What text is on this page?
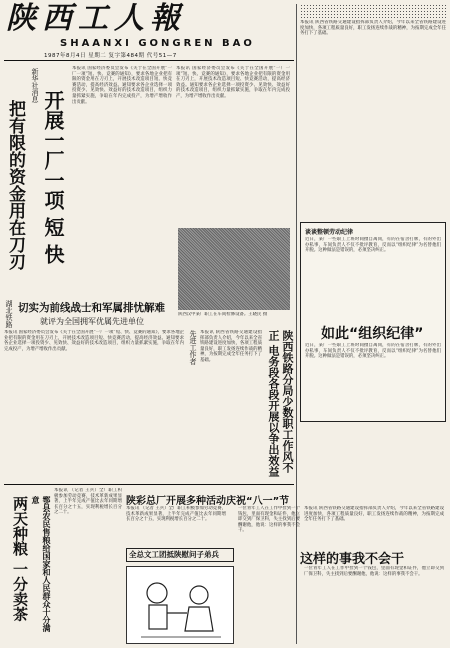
陕西工人報
SHAANXI GONGREN BAO
1987年8月4日 星期二 复字第484期 代号51—7
把有限的资金用在刀刃
新华社消息
开展一厂一项 短 快
本报讯 国家经济委员会发布《关于在全国开展“一厂一项”短、快、竞赛的通知》，要求各地企业把有限的资金用在刀刃上，开展技术改造项目短、快竞赛活动，提高经济效益。通知要求各企业选择一项投资少、见效快、效益好的技术改造项目，组织力量抓紧实施，争取在年内完成投产，为增产增收作出贡献。
本报讯 国家经济委员会发布《关于在全国开展“一厂一项”短、快、竞赛的通知》，要求各地企业把有限的资金用在刀刃上，开展技术改造项目短、快竞赛活动，提高经济效益。通知要求各企业选择一项投资少、见效快、效益好的技术改造项目，组织力量抓紧实施，争取在年内完成投产，为增产增收作出贡献。
陕西汉中某厂职工在车间检修设备。王晓民 摄
本报讯 陕西省铁路交通建设指挥部负责人介绍，今年以来全省铁路建设进度加快，各项工程质量良好，职工发扬连续作战的精神，为按期完成全年任务打下了基础。
谈谈整顿劳动纪律
如此“组织纪律”
近日，某厂一些职工上班时间擅自离岗，有的在宿舍打牌，有的外出办私事，车间负责人不仅不批评教育，反而以“组织纪律”为名替他们开脱。这种做法是错误的，必须坚决纠正。
近日，某厂一些职工上班时间擅自离岗，有的在宿舍打牌，有的外出办私事，车间负责人不仅不批评教育，反而以“组织纪律”为名替他们开脱。这种做法是错误的，必须坚决纠正。
陕西铁路分局少数职工作风不正 电务段各段开展以争出效益
先进工作者 本报讯 陕西省铁路交通建设指挥部负责人介绍，今年以来全省铁路建设进度加快，各项工程质量良好，职工发扬连续作战的精神，为按期完成全年任务打下了基础。
湖北铁路 切实为前线战士和军属排忧解难
就评为全国拥军优属先进单位
本报讯 国家经济委员会发布《关于在全国开展“一厂一项”短、快、竞赛的通知》，要求各地企业把有限的资金用在刀刃上，开展技术改造项目短、快竞赛活动，提高经济效益。通知要求各企业选择一项投资少、见效快、效益好的技术改造项目，组织力量抓紧实施，争取在年内完成投产，为增产增收作出贡献。
两天种粮 一分卖茶	鄠县农民售粮给国家和人民群众十分满意
本报讯 （记者 王兵）全厂职工积极参加劳动竞赛，技术革新成果显著，上半年完成产值比去年同期增长百分之十五，实现利税增长百分之二十。
陕彩总厂开展多种活动庆祝“八一”节
本报讯 （记者 王兵）全厂职工积极参加劳动竞赛，技术革新成果显著，上半年完成产值比去年同期增长百分之十五，实现利税增长百分之二十。
全总文工团抵陕慰问子弟兵
一位青年工人在工作中捡到一个钱包，里面有现金和证件，他立即交到厂保卫科，失主找到后要酬谢他，他说：这样的事我不会干。
这样的事我不会干
一位青年工人在工作中捡到一个钱包，里面有现金和证件，他立即交到厂保卫科，失主找到后要酬谢他，他说：这样的事我不会干。
本报讯 陕西省铁路交通建设指挥部负责人介绍，今年以来全省铁路建设进度加快，各项工程质量良好，职工发扬连续作战的精神，为按期完成全年任务打下了基础。
